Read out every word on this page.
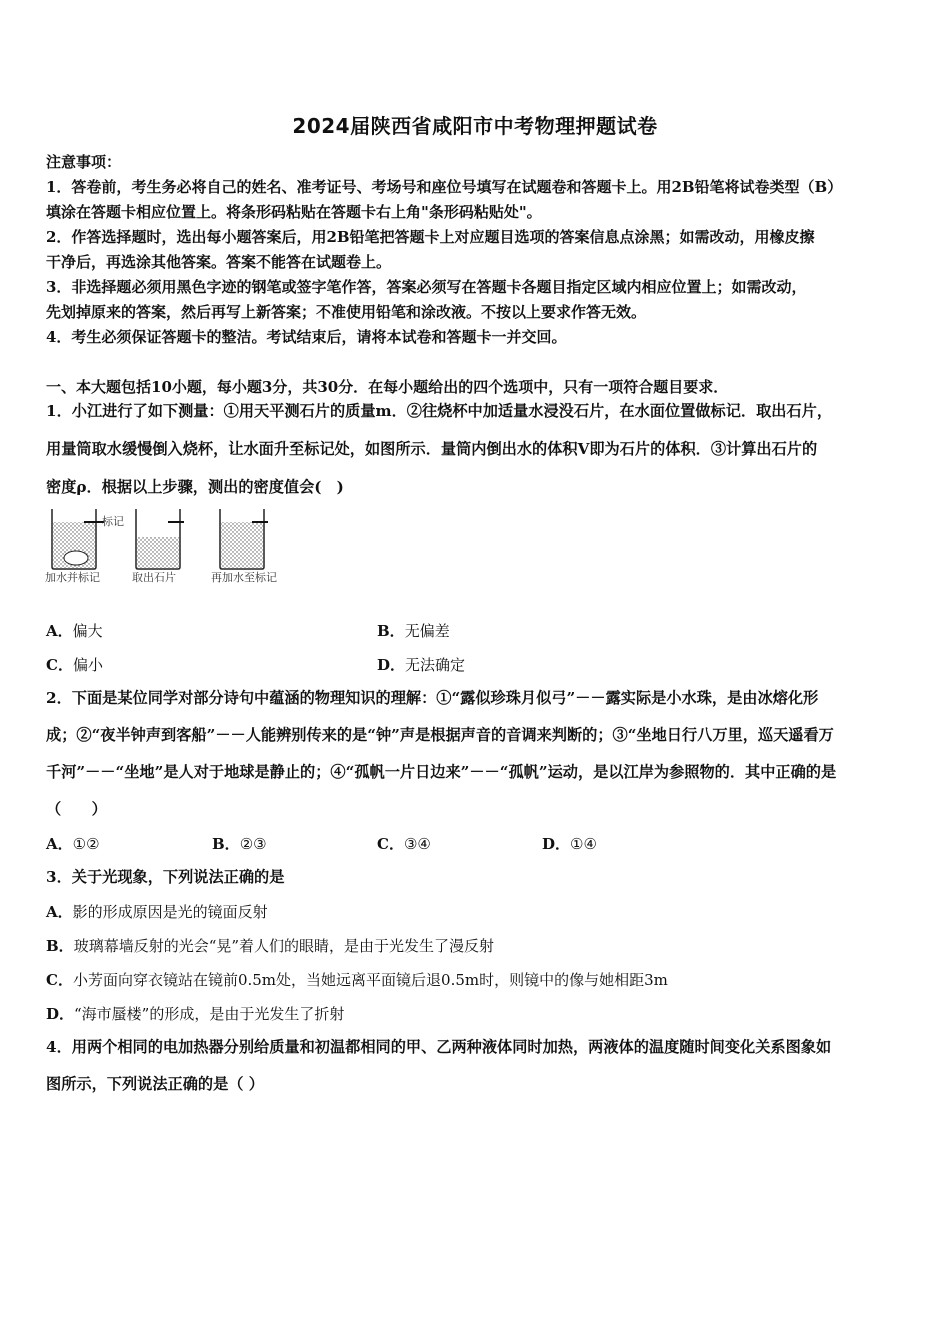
2024届陕西省咸阳市中考物理押题试卷
注意事项：
1．答卷前，考生务必将自己的姓名、准考证号、考场号和座位号填写在试题卷和答题卡上。用2B铅笔将试卷类型（B）
填涂在答题卡相应位置上。将条形码粘贴在答题卡右上角"条形码粘贴处"。
2．作答选择题时，选出每小题答案后，用2B铅笔把答题卡上对应题目选项的答案信息点涂黑；如需改动，用橡皮擦
干净后，再选涂其他答案。答案不能答在试题卷上。
3．非选择题必须用黑色字迹的钢笔或签字笔作答，答案必须写在答题卡各题目指定区域内相应位置上；如需改动，
先划掉原来的答案，然后再写上新答案；不准使用铅笔和涂改液。不按以上要求作答无效。
4．考生必须保证答题卡的整洁。考试结束后，请将本试卷和答题卡一并交回。
一、本大题包括10小题，每小题3分，共30分．在每小题给出的四个选项中，只有一项符合题目要求．
1．小江进行了如下测量：①用天平测石片的质量m．②往烧杯中加适量水浸没石片，在水面位置做标记．取出石片，
用量筒取水缓慢倒入烧杯，让水面升至标记处，如图所示．量筒内倒出水的体积V即为石片的体积．③计算出石片的
密度ρ．根据以上步骤，测出的密度值会(　)
标记
加水并标记	取出石片	再加水至标记
A．偏大	B．无偏差
C．偏小	D．无法确定
2．下面是某位同学对部分诗句中蕴涵的物理知识的理解：①“露似珍珠月似弓”－－露实际是小水珠，是由冰熔化形
成；②“夜半钟声到客船”－－人能辨别传来的是“钟”声是根据声音的音调来判断的；③“坐地日行八万里，巡天遥看万
千河”－－“坐地”是人对于地球是静止的；④“孤帆一片日边来”－－“孤帆”运动，是以江岸为参照物的．其中正确的是
（　　）
A．①②	B．②③	C．③④	D．①④
3．关于光现象，下列说法正确的是
A．影的形成原因是光的镜面反射
B．玻璃幕墙反射的光会“晃”着人们的眼睛，是由于光发生了漫反射
C．小芳面向穿衣镜站在镜前0.5m处，当她远离平面镜后退0.5m时，则镜中的像与她相距3m
D．“海市蜃楼”的形成，是由于光发生了折射
4．用两个相同的电加热器分别给质量和初温都相同的甲、乙两种液体同时加热，两液体的温度随时间变化关系图象如
图所示，下列说法正确的是（ ）
